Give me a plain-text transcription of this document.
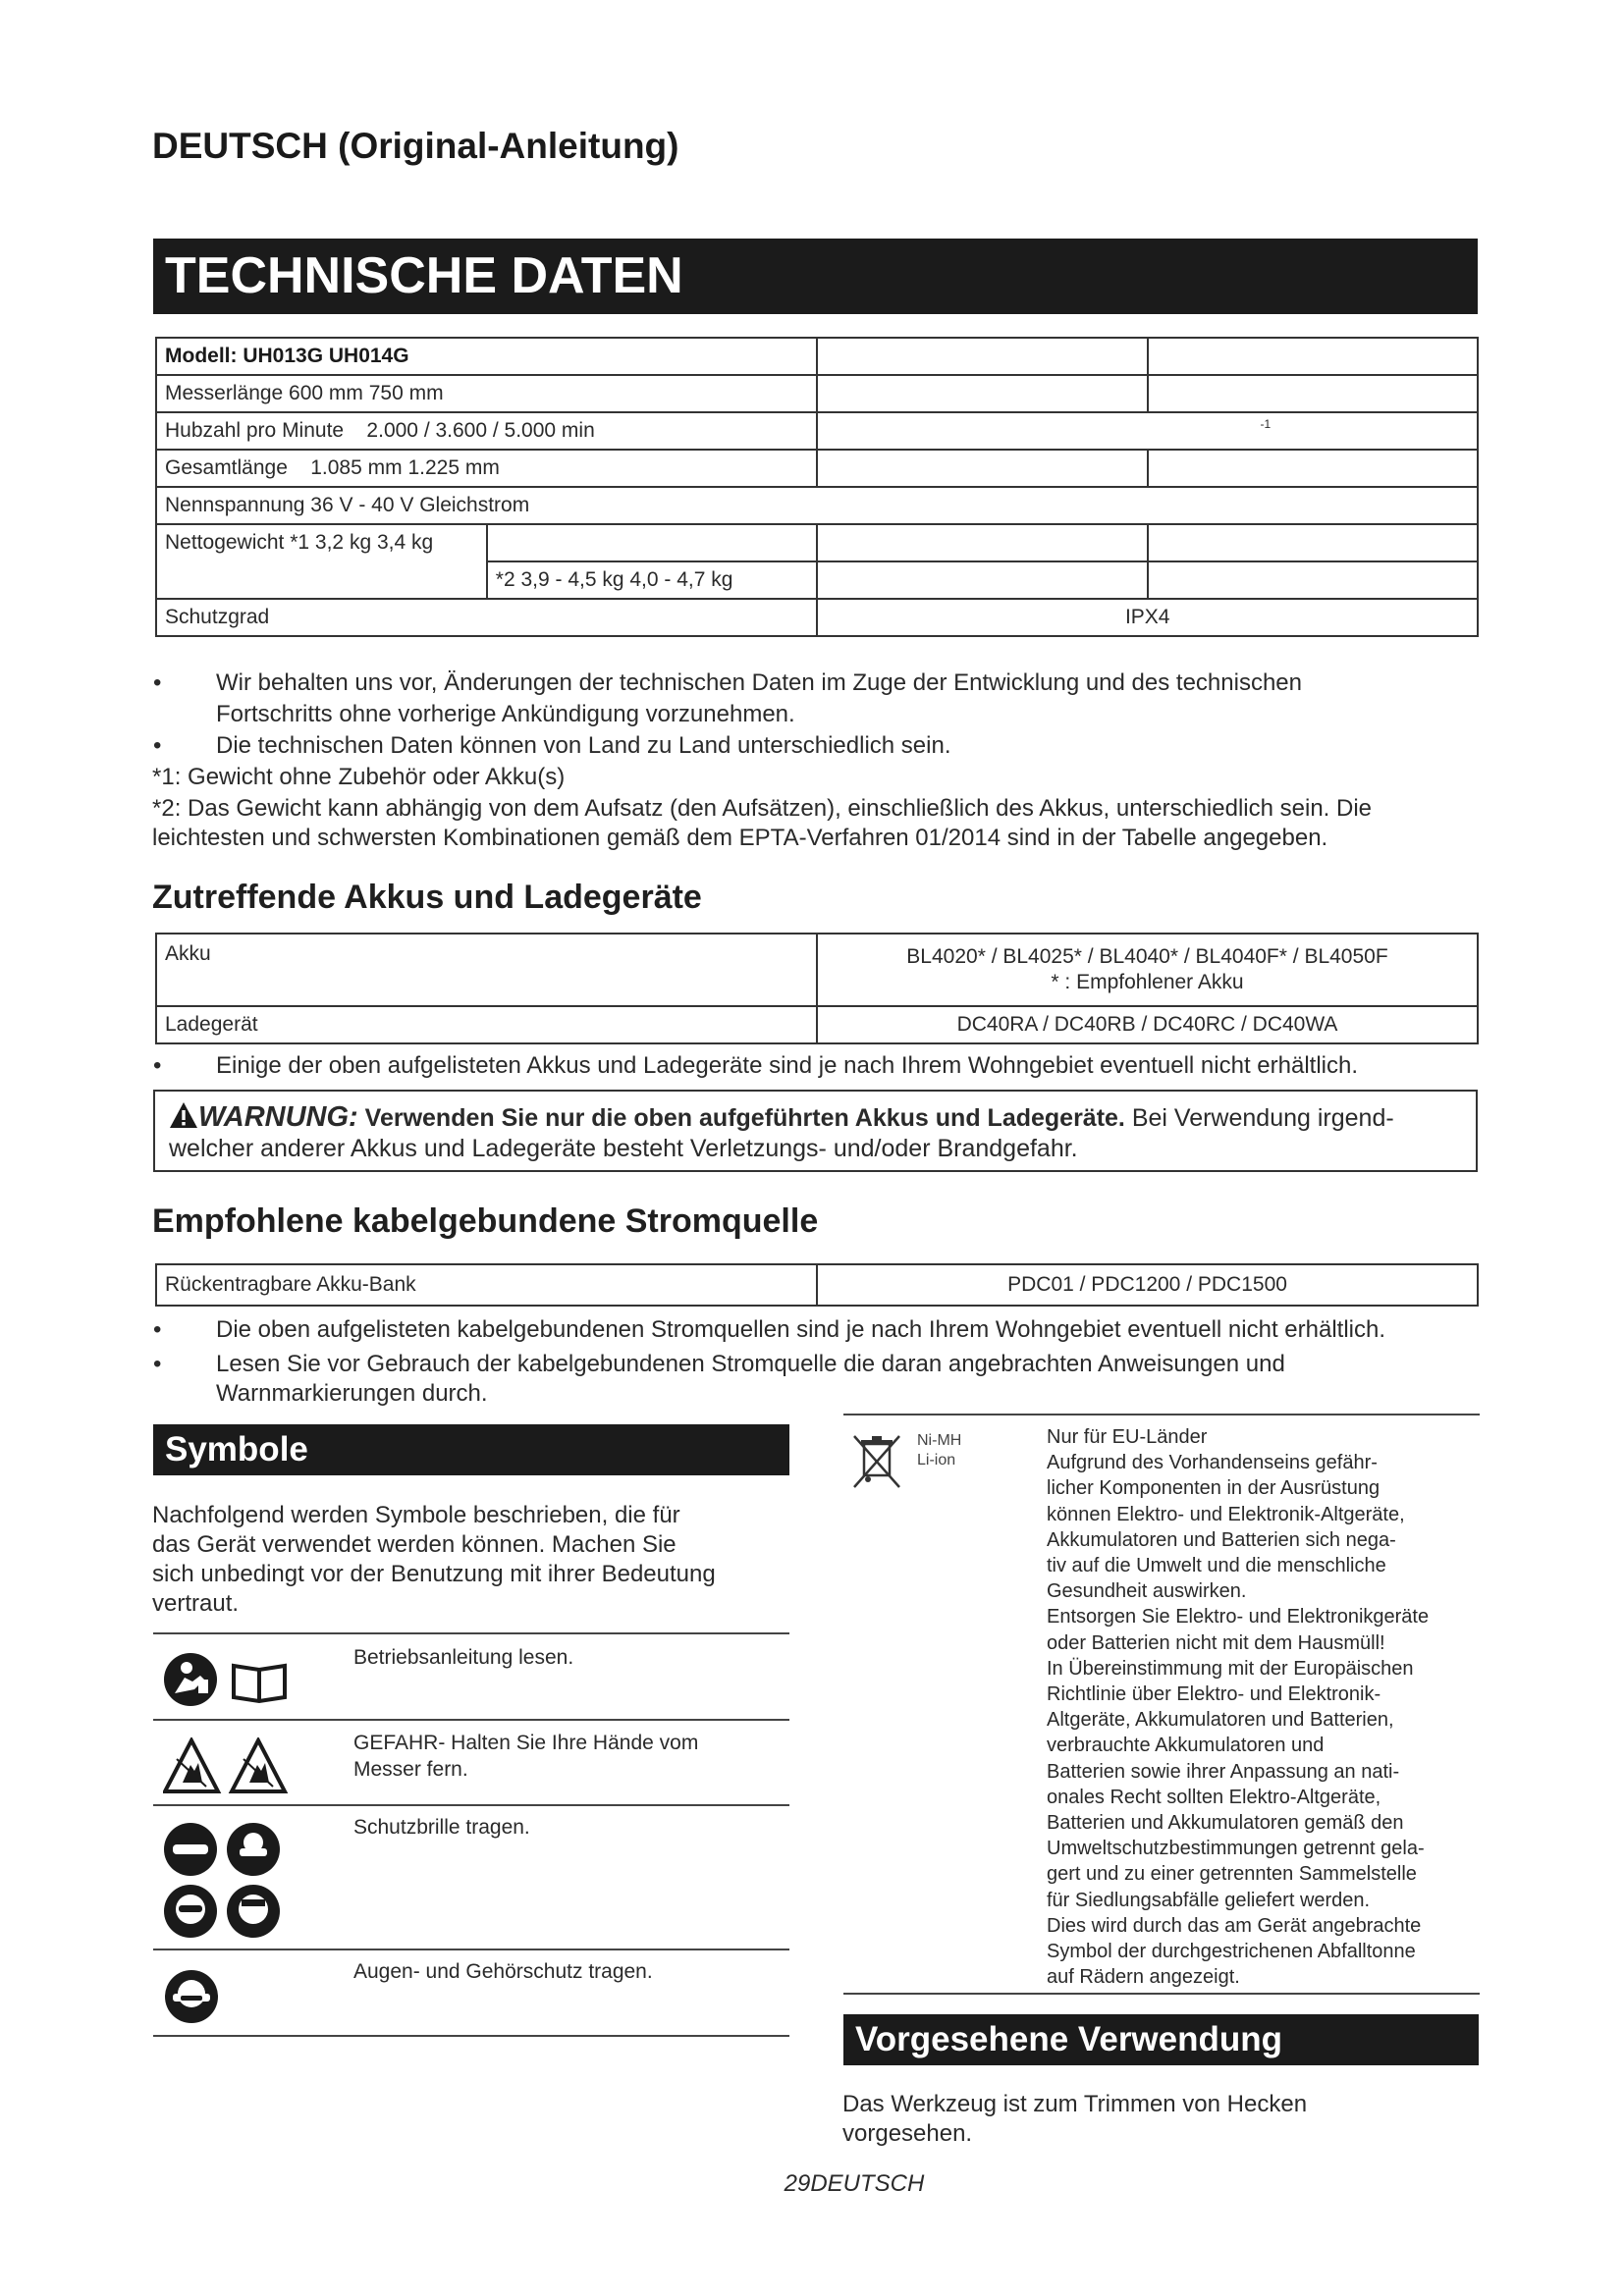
DEUTSCH (Original-Anleitung)
TECHNISCHE DATEN
Modell: UH013G UH014G			
Messerlänge 600 mm 750 mm			
Hubzahl pro Minute    2.000 / 3.600 / 5.000 min		-1	

Gesamtlänge    1.085 mm 1.225 mm			
Nennspannung 36 V - 40 V Gleichstrom			
Nettogewicht *1 3,2 kg 3,4 kg			
	*2 3,9 - 4,5 kg 4,0 - 4,7 kg		
Schutzgrad		IPX4	
• Wir behalten uns vor, Änderungen der technischen Daten im Zuge der Entwicklung und des technischen
Fortschritts ohne vorherige Ankündigung vorzunehmen.
• Die technischen Daten können von Land zu Land unterschiedlich sein.
*1: Gewicht ohne Zubehör oder Akku(s)
*2: Das Gewicht kann abhängig von dem Aufsatz (den Aufsätzen), einschließlich des Akkus, unterschiedlich sein. Die
leichtesten und schwersten Kombinationen gemäß dem EPTA-Verfahren 01/2014 sind in der Tabelle angegeben.
Zutreffende Akkus und Ladegeräte
Akku	BL4020* / BL4025* / BL4040* / BL4040F* / BL4050F
* : Empfohlener Akku

Ladegerät	DC40RA / DC40RB / DC40RC / DC40WA
• Einige der oben aufgelisteten Akkus und Ladegeräte sind je nach Ihrem Wohngebiet eventuell nicht erhältlich.
WARNUNG: Verwenden Sie nur die oben aufgeführten Akkus und Ladegeräte. Bei Verwendung irgend-
welcher anderer Akkus und Ladegeräte besteht Verletzungs- und/oder Brandgefahr.
Empfohlene kabelgebundene Stromquelle
Rückentragbare Akku-Bank	PDC01 / PDC1200 / PDC1500
• Die oben aufgelisteten kabelgebundenen Stromquellen sind je nach Ihrem Wohngebiet eventuell nicht erhältlich.
• Lesen Sie vor Gebrauch der kabelgebundenen Stromquelle die daran angebrachten Anweisungen und
Warnmarkierungen durch.
Symbole
Nachfolgend werden Symbole beschrieben, die für
das Gerät verwendet werden können. Machen Sie
sich unbedingt vor der Benutzung mit ihrer Bedeutung
vertraut.
Betriebsanleitung lesen.
GEFAHR- Halten Sie Ihre Hände vom
Messer fern.
Schutzbrille tragen.
Augen- und Gehörschutz tragen.
Ni-MH
Li-ion
Nur für EU-Länder
Aufgrund des Vorhandenseins gefähr-
licher Komponenten in der Ausrüstung
können Elektro- und Elektronik-Altgeräte,
Akkumulatoren und Batterien sich nega-
tiv auf die Umwelt und die menschliche
Gesundheit auswirken.
Entsorgen Sie Elektro- und Elektronikgeräte
oder Batterien nicht mit dem Hausmüll!
In Übereinstimmung mit der Europäischen
Richtlinie über Elektro- und Elektronik-
Altgeräte, Akkumulatoren und Batterien,
verbrauchte Akkumulatoren und
Batterien sowie ihrer Anpassung an nati-
onales Recht sollten Elektro-Altgeräte,
Batterien und Akkumulatoren gemäß den
Umweltschutzbestimmungen getrennt gela-
gert und zu einer getrennten Sammelstelle
für Siedlungsabfälle geliefert werden.
Dies wird durch das am Gerät angebrachte
Symbol der durchgestrichenen Abfalltonne
auf Rädern angezeigt.
Vorgesehene Verwendung
Das Werkzeug ist zum Trimmen von Hecken
vorgesehen.
29DEUTSCH
